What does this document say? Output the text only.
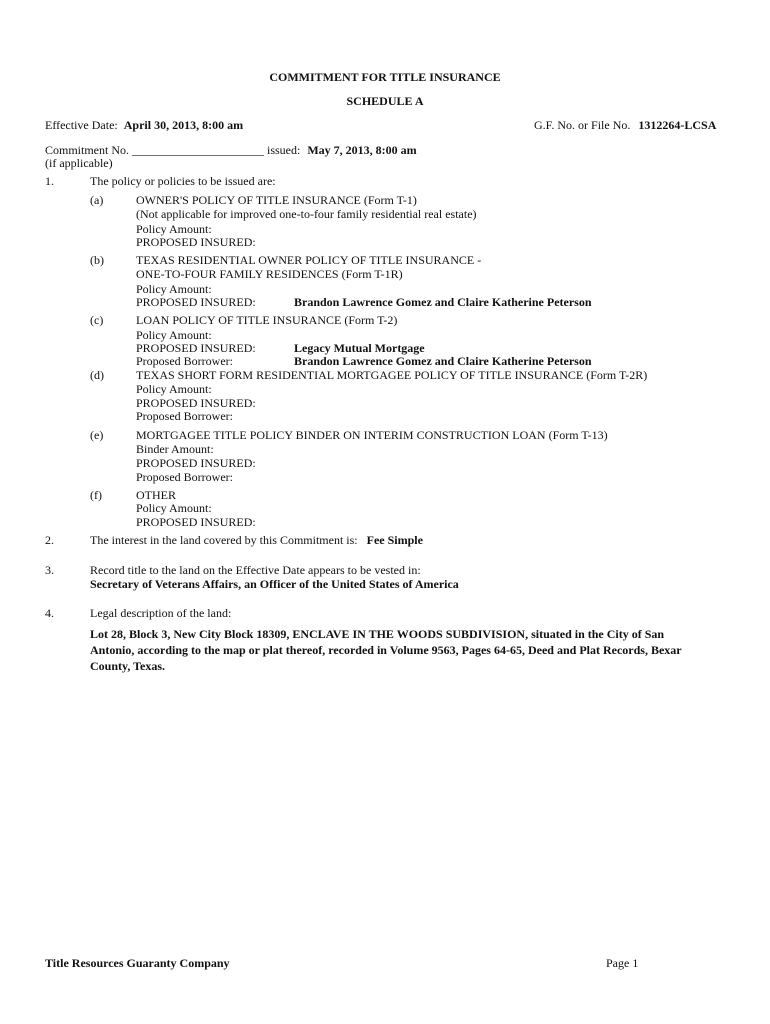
COMMITMENT FOR TITLE INSURANCE
SCHEDULE A
Effective Date: April 30, 2013, 8:00 am	G.F. No. or File No. 1312264-LCSA
Commitment No. ______________________ issued: May 7, 2013, 8:00 am
(if applicable)
1.	The policy or policies to be issued are:
(a)	OWNER'S POLICY OF TITLE INSURANCE (Form T-1)
(Not applicable for improved one-to-four family residential real estate)
Policy Amount:
PROPOSED INSURED:
(b)	TEXAS RESIDENTIAL OWNER POLICY OF TITLE INSURANCE -
ONE-TO-FOUR FAMILY RESIDENCES (Form T-1R)
Policy Amount:
PROPOSED INSURED:	Brandon Lawrence Gomez and Claire Katherine Peterson
(c)	LOAN POLICY OF TITLE INSURANCE (Form T-2)
Policy Amount:
PROPOSED INSURED:	Legacy Mutual Mortgage
Proposed Borrower:	Brandon Lawrence Gomez and Claire Katherine Peterson
(d)	TEXAS SHORT FORM RESIDENTIAL MORTGAGEE POLICY OF TITLE INSURANCE (Form T-2R)
Policy Amount:
PROPOSED INSURED:
Proposed Borrower:
(e)	MORTGAGEE TITLE POLICY BINDER ON INTERIM CONSTRUCTION LOAN (Form T-13)
Binder Amount:
PROPOSED INSURED:
Proposed Borrower:
(f)	OTHER
Policy Amount:
PROPOSED INSURED:
2.	The interest in the land covered by this Commitment is: Fee Simple
3.	Record title to the land on the Effective Date appears to be vested in:
Secretary of Veterans Affairs, an Officer of the United States of America
4.	Legal description of the land:
Lot 28, Block 3, New City Block 18309, ENCLAVE IN THE WOODS SUBDIVISION, situated in the City of San
Antonio, according to the map or plat thereof, recorded in Volume 9563, Pages 64-65, Deed and Plat Records, Bexar
County, Texas.
Title Resources Guaranty Company	Page 1
